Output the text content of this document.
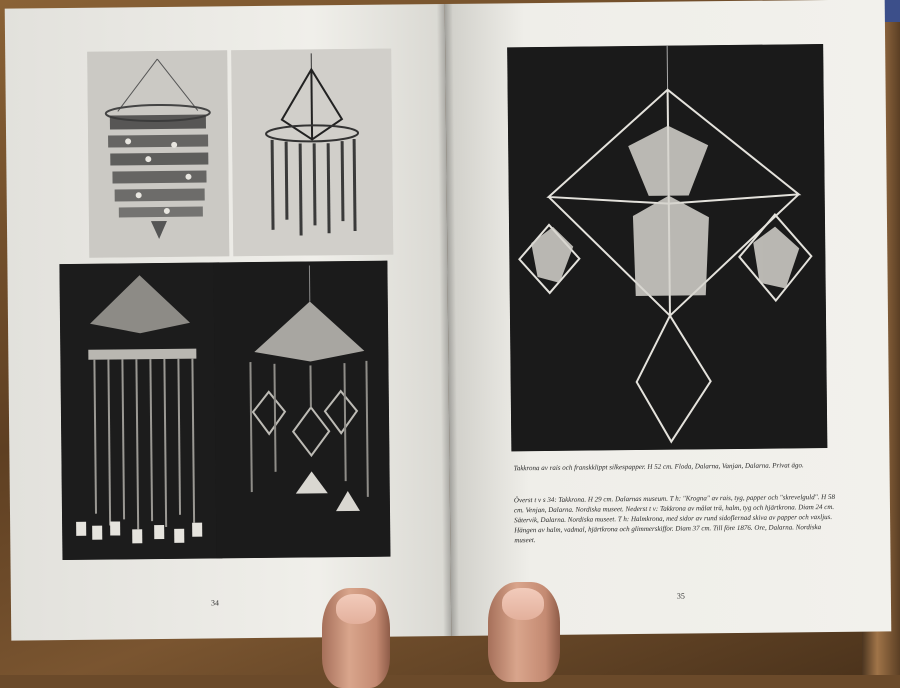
34
Takkrona av rais och franskklippt silkespapper. H 52 cm. Floda, Dalarna, Vanjan, Dalarna. Privat ägo.
Överst t v s 34: Takkrona. H 29 cm. Dalarnas museum. T h: "Krogna" av rais, tyg, papper och "skrevelguld". H 58 cm. Venjan, Dalarna. Nordiska museet. Nederst t v: Takkrona av målat trä, halm, tyg och hjärtkrona. Diam 24 cm. Sätervik, Dalarna. Nordiska museet. T h: Halmkrona, med sidor av rund sidoflernad skiva av papper och vaxljus. Hängen av halm, vadmal, hjärtkrona och glimmerskiffor. Diam 37 cm. Till före 1876. Ore, Dalarna. Nordiska museet.
35
